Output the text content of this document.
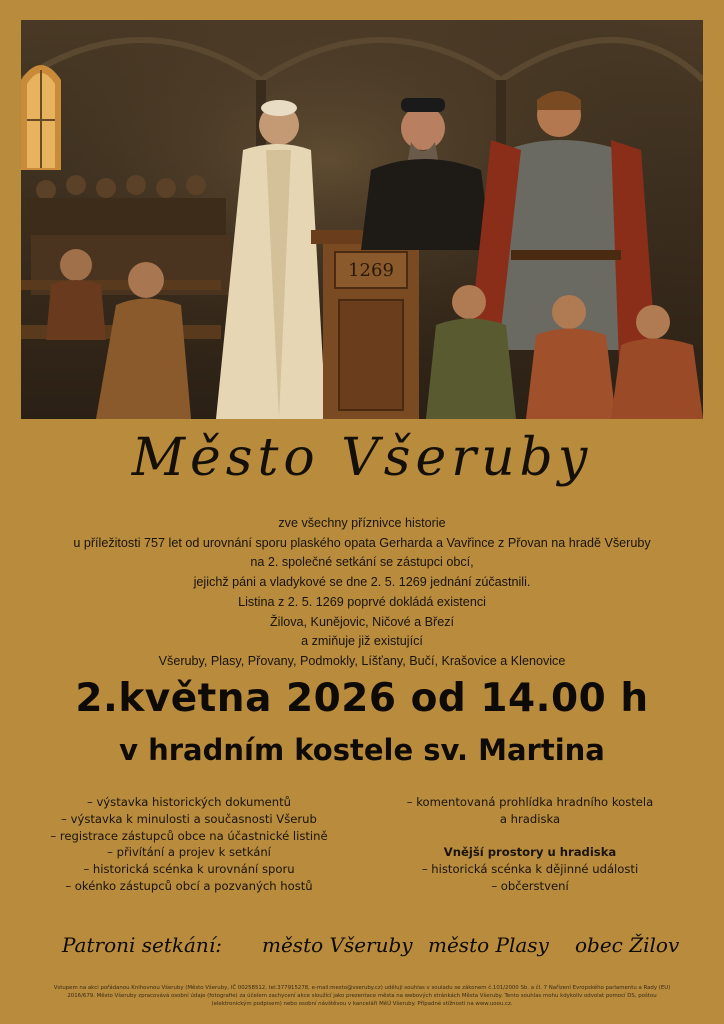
1269
Město Všeruby
zve všechny příznivce historie
u příležitosti 757 let od urovnání sporu plaského opata Gerharda a Vavřince z Přovan na hradě Všeruby
na 2. společné setkání se zástupci obcí,
jejichž páni a vladykové se dne 2. 5. 1269 jednání zúčastnili.
Listina z 2. 5. 1269 poprvé dokládá existenci
Žilova, Kunějovic, Ničové a Březí
a zmiňuje již existující
Všeruby, Plasy, Přovany, Podmokly, Líšťany, Bučí, Krašovice a Klenovice
2.května 2026 od 14.00 h
v hradním kostele sv. Martina
– výstavka historických dokumentů
– výstavka k minulosti a současnosti Všerub
– registrace zástupců obce na účastnické listině
– přivítání a projev k setkání
– historická scénka k urovnání sporu
– okénko zástupců obcí a pozvaných hostů
– komentovaná prohlídka hradního kostela
a hradiska
Vnější prostory u hradiska
– historická scénka k dějinné události
– občerstvení
Patroni setkání: město Všeruby město Plasy obec Žilov
Vstupem na akci pořádanou Knihovnou Všeruby (Město Všeruby, IČ 00258512, tel.377915278, e-mail:mesto@vseruby.cz) uděluji souhlas v souladu se zákonem č.101/2000 Sb. a čl. 7 Nařízení Evropského parlamentu a Rady (EU)
2016/679. Město Všeruby zpracovává osobní údaje (fotografie) za účelem zachycení akce sloužící jako prezentace města na webových stránkách Města Všeruby. Tento souhlas mohu kdykoliv odvolat pomocí DS, poštou
(elektronickým podpisem) nebo osobní návštěvou v kanceláři MěÚ Všeruby. Případné stížnosti na www.uoou.cz.
